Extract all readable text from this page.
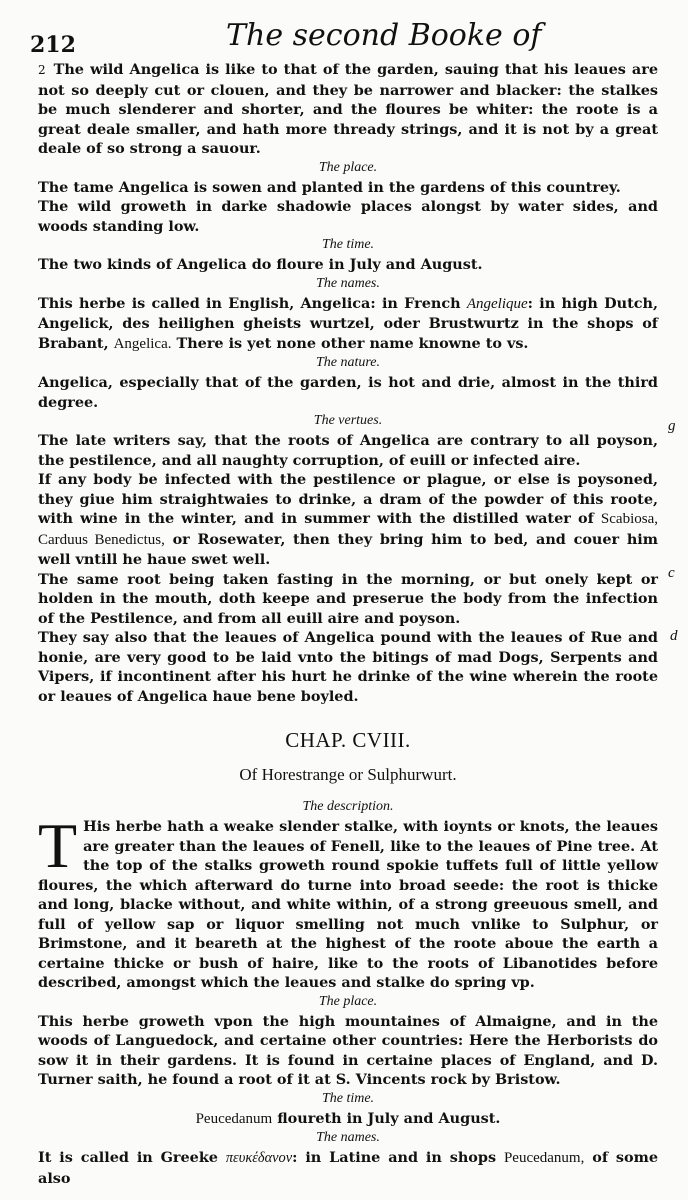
212	The second Booke of
g
c
d

2 The wild Angelica is like to that of the garden, sauing that his leaues are not so deeply cut or clouen, and they be narrower and blacker: the stalkes be much slenderer and shorter, and the floures be whiter: the roote is a great deale smaller, and hath more thready strings, and it is not by a great deale of so strong a sauour.

The place.

The tame Angelica is sowen and planted in the gardens of this countrey.

The wild groweth in darke shadowie places alongst by water sides, and woods standing low.

The time.

The two kinds of Angelica do floure in July and August.

The names.

This herbe is called in English, Angelica: in French Angelique: in high Dutch, Angelick, des heilighen gheists wurtzel, oder Brustwurtz in the shops of Brabant, Angelica. There is yet none other name knowne to vs.

The nature.

Angelica, especially that of the garden, is hot and drie, almost in the third degree.

The vertues.

The late writers say, that the roots of Angelica are contrary to all poyson, the pestilence, and all naughty corruption, of euill or infected aire.

If any body be infected with the pestilence or plague, or else is poysoned, they giue him straightwaies to drinke, a dram of the powder of this roote, with wine in the winter, and in summer with the distilled water of Scabiosa, Carduus Benedictus, or Rosewater, then they bring him to bed, and couer him well vntill he haue swet well.

The same root being taken fasting in the morning, or but onely kept or holden in the mouth, doth keepe and preserue the body from the infection of the Pestilence, and from all euill aire and poyson.

They say also that the leaues of Angelica pound with the leaues of Rue and honie, are very good to be laid vnto the bitings of mad Dogs, Serpents and Vipers, if incontinent after his hurt he drinke of the wine wherein the roote or leaues of Angelica haue bene boyled.

CHAP. CVIII.
Of Horestrange or Sulphurwurt.
The description.

T His herbe hath a weake slender stalke, with ioynts or knots, the leaues are greater than the leaues of Fenell, like to the leaues of Pine tree. At the top of the stalks groweth round spokie tuffets full of little yellow floures, the which afterward do turne into broad seede: the root is thicke and long, blacke without, and white within, of a strong greeuous smell, and full of yellow sap or liquor smelling not much vnlike to Sulphur, or Brimstone, and it beareth at the highest of the roote aboue the earth a certaine thicke or bush of haire, like to the roots of Libanotides before described, amongst which the leaues and stalke do spring vp.

The place.

This herbe groweth vpon the high mountaines of Almaigne, and in the woods of Languedock, and certaine other countries: Here the Herborists do sow it in their gardens. It is found in certaine places of England, and D. Turner saith, he found a root of it at S. Vincents rock by Bristow.

The time.

Peucedanum floureth in July and August.

The names.

It is called in Greeke πευκέδανον: in Latine and in shops Peucedanum, of some also
